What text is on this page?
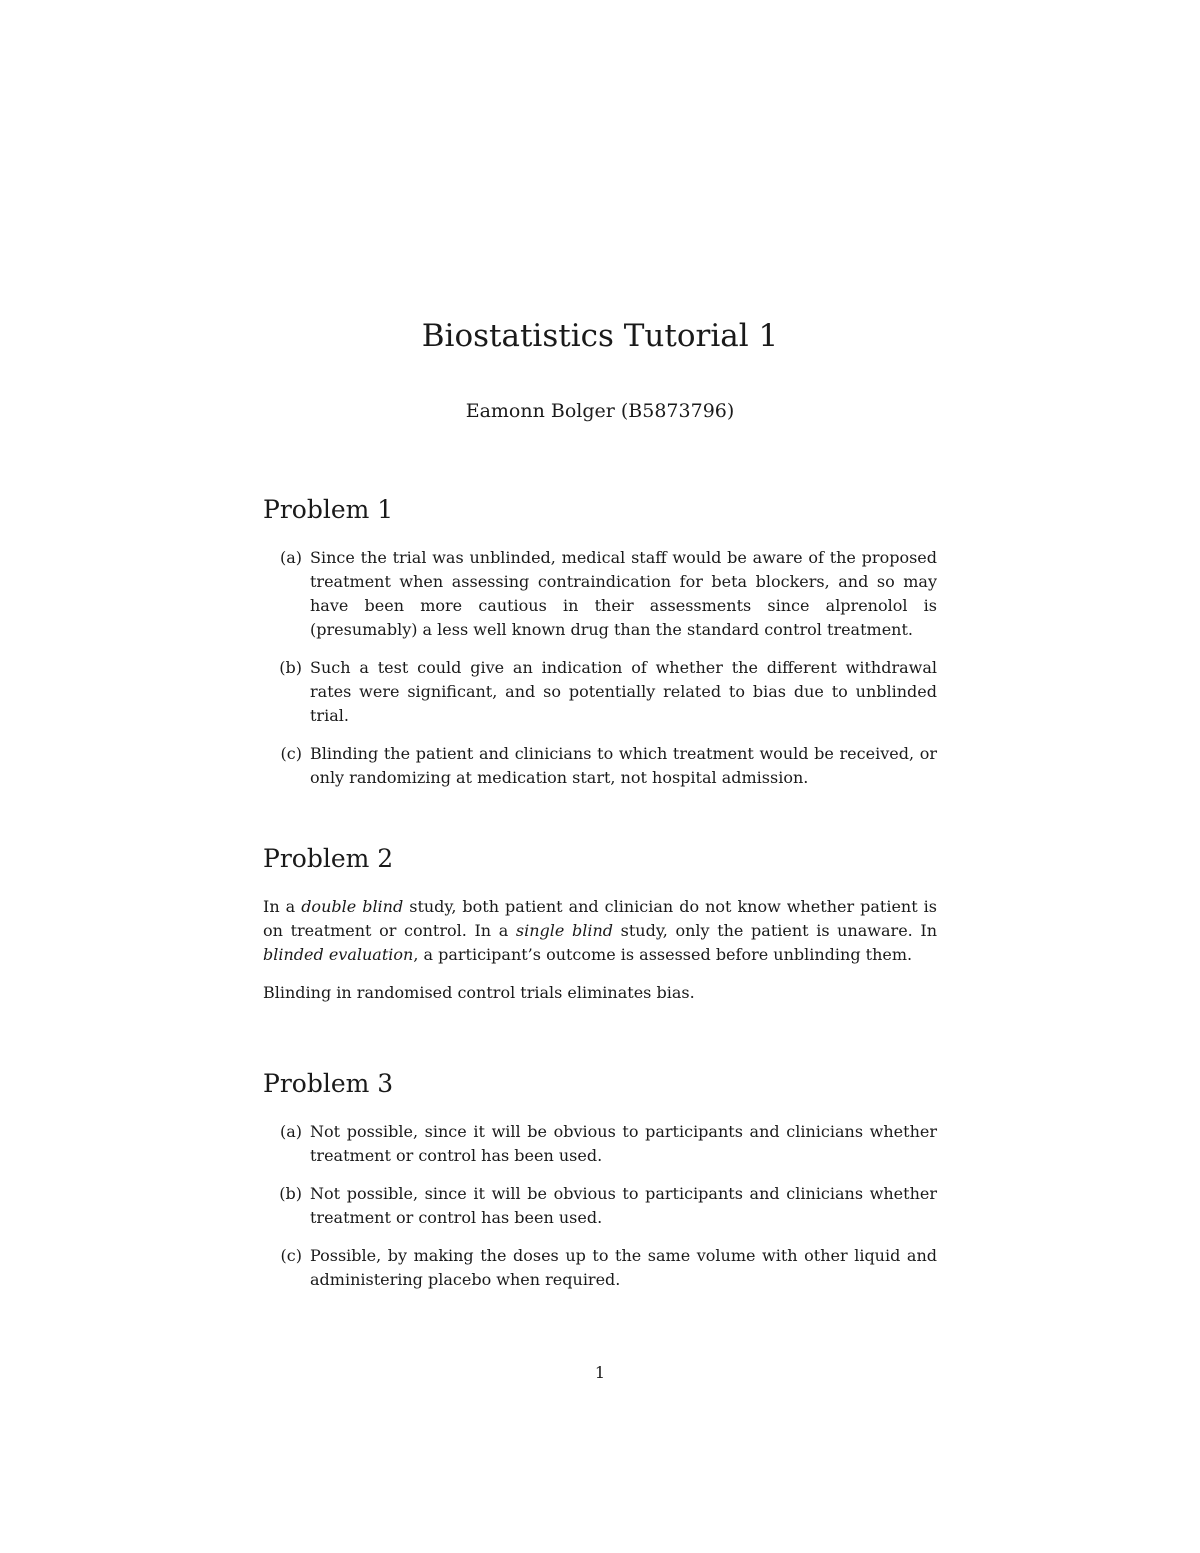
Biostatistics Tutorial 1
Eamonn Bolger (B5873796)
Problem 1
(a) Since the trial was unblinded, medical staff would be aware of the proposed treatment when assessing contraindication for beta blockers, and so may have been more cautious in their assessments since alprenolol is (presumably) a less well known drug than the standard control treatment.
(b) Such a test could give an indication of whether the different withdrawal rates were significant, and so potentially related to bias due to unblinded trial.
(c) Blinding the patient and clinicians to which treatment would be received, or only randomizing at medication start, not hospital admission.
Problem 2

In a double blind study, both patient and clinician do not know whether patient is on treatment or control. In a single blind study, only the patient is unaware. In blinded evaluation, a participant’s outcome is assessed before unblinding them.

Blinding in randomised control trials eliminates bias.

Problem 3
(a) Not possible, since it will be obvious to participants and clinicians whether treatment or control has been used.
(b) Not possible, since it will be obvious to participants and clinicians whether treatment or control has been used.
(c) Possible, by making the doses up to the same volume with other liquid and administering placebo when required.
1
